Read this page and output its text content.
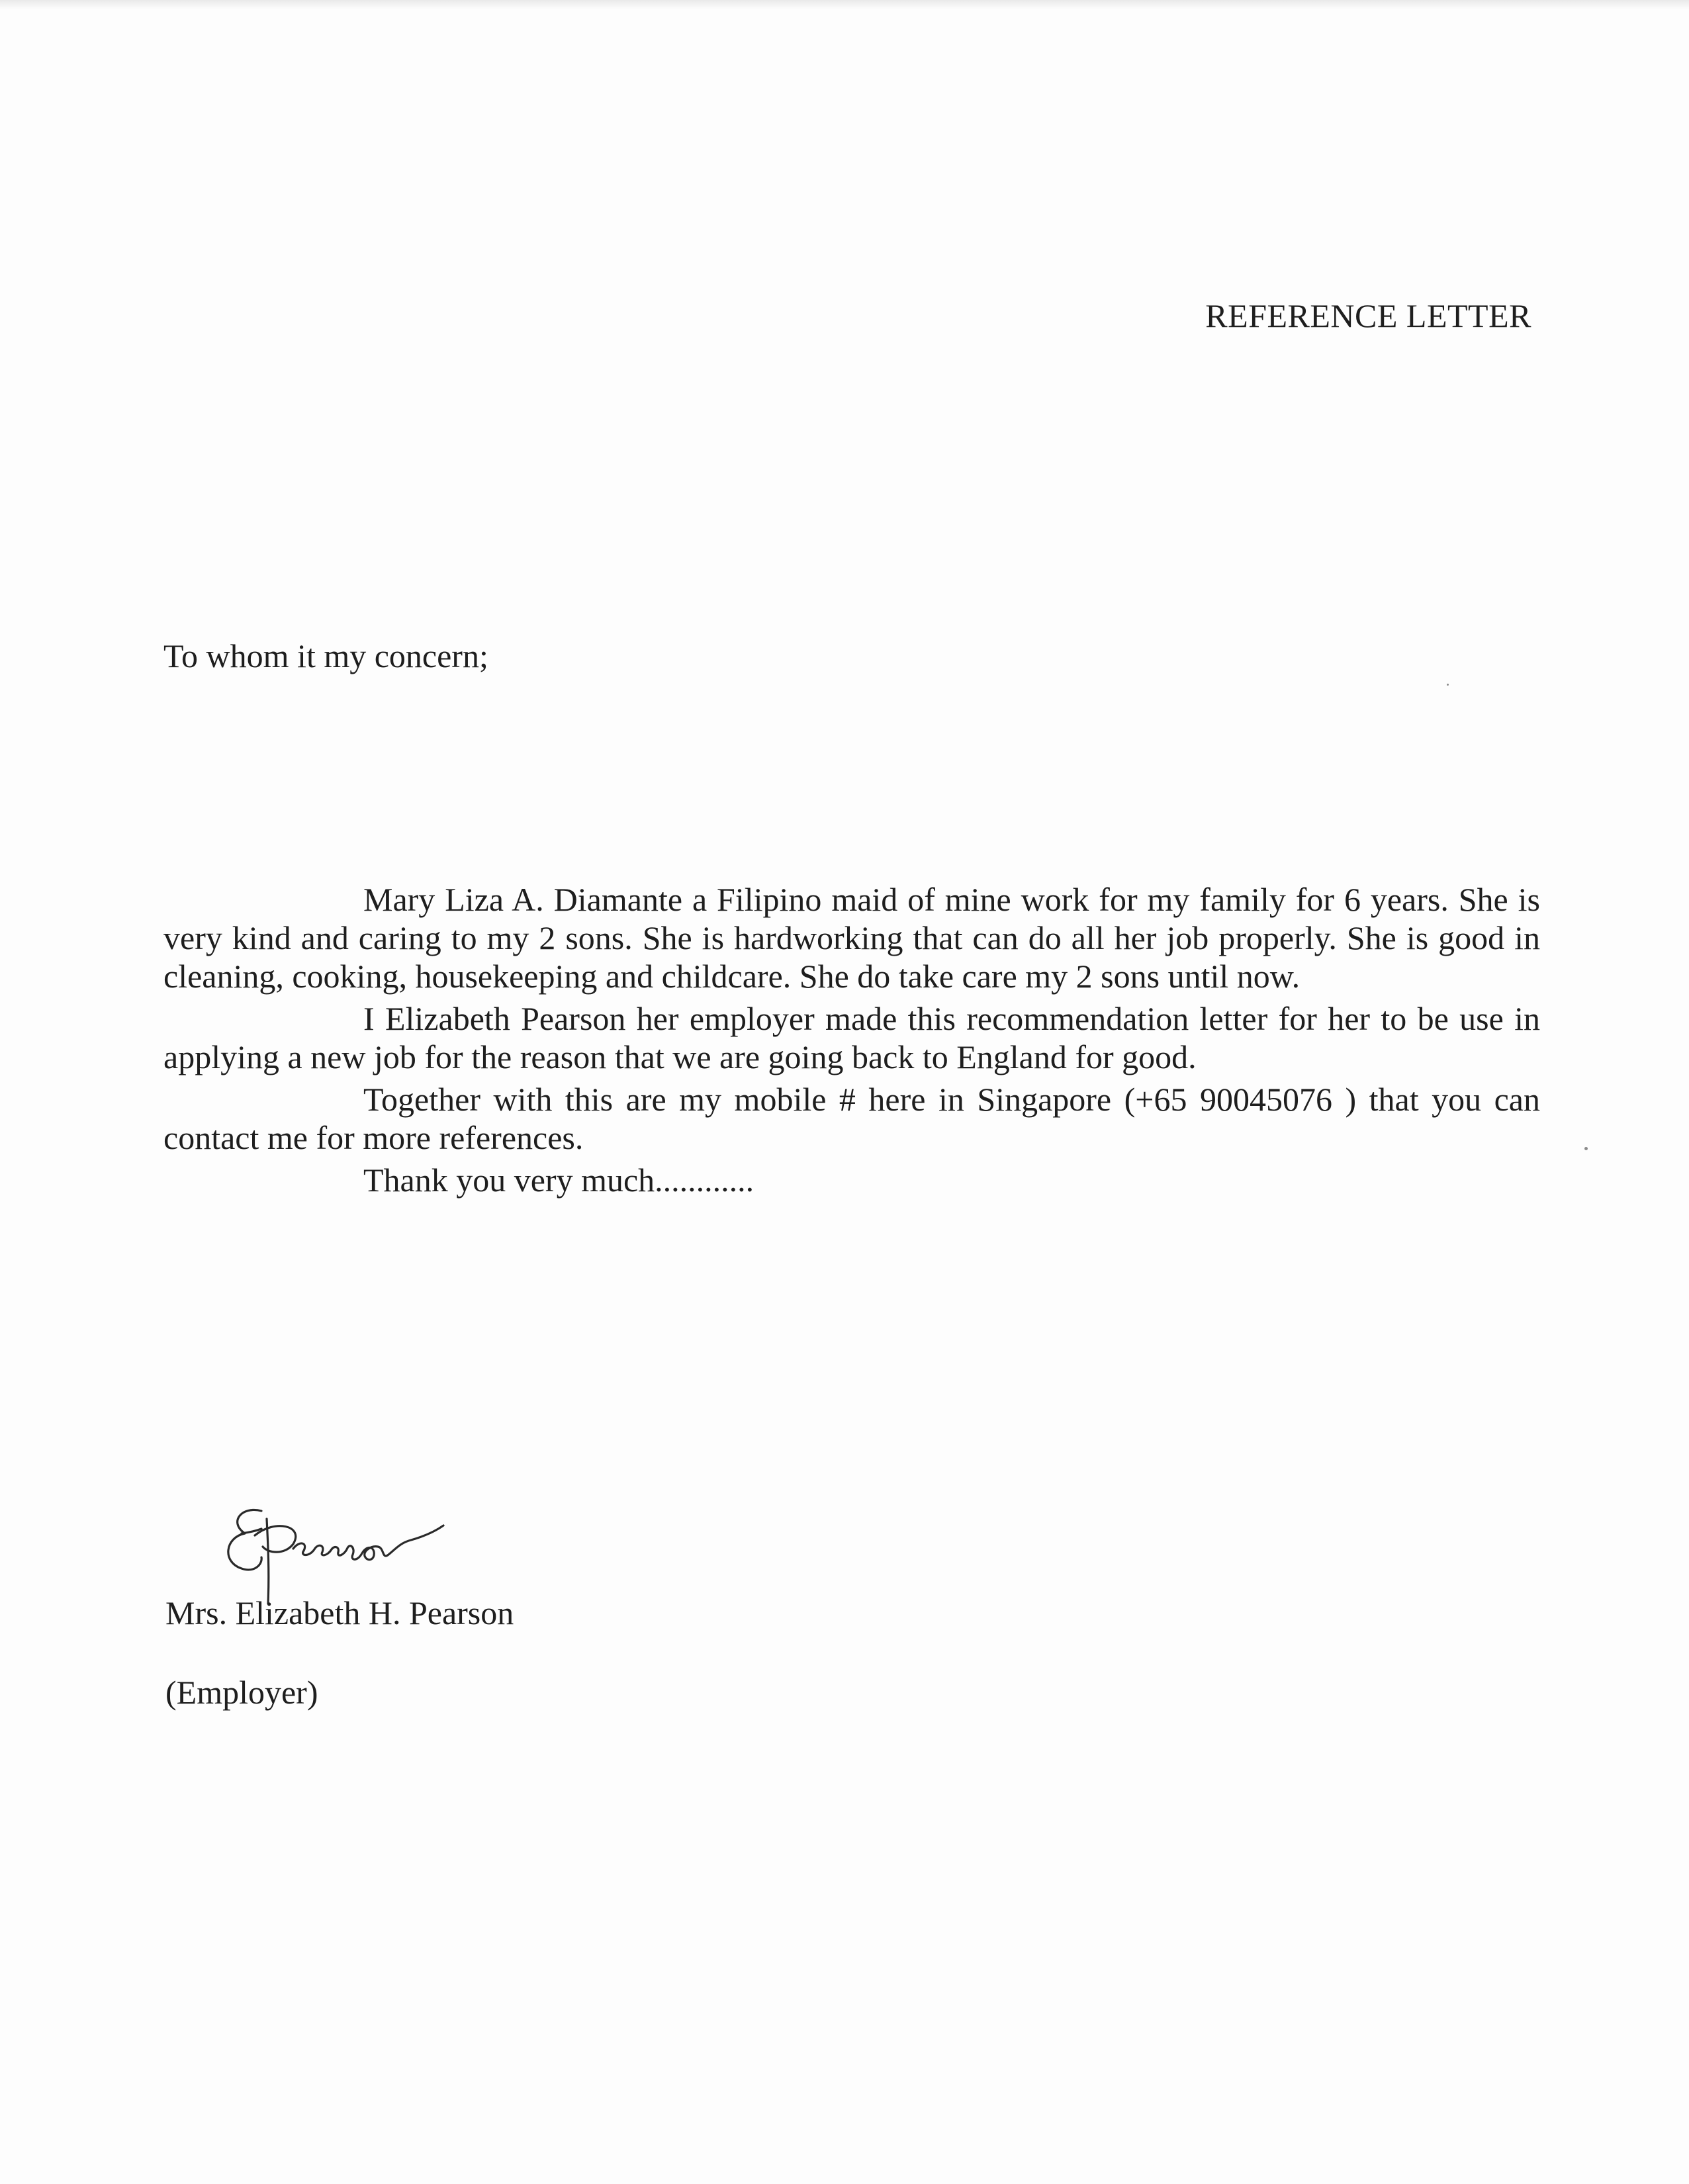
REFERENCE LETTER
To whom it my concern;

Mary Liza A. Diamante a Filipino maid of mine work for my family for 6 years. She is very kind and caring to my 2 sons. She is hardworking that can do all her job properly. She is good in cleaning, cooking, housekeeping and childcare. She do take care my 2 sons until now.

I Elizabeth Pearson her employer made this recommendation letter for her to be use in applying a new job for the reason that we are going back to England for good.

Together with this are my mobile # here in Singapore (+65 90045076 ) that you can contact me for more references.

Thank you very much............

Mrs. Elizabeth H. Pearson
(Employer)
